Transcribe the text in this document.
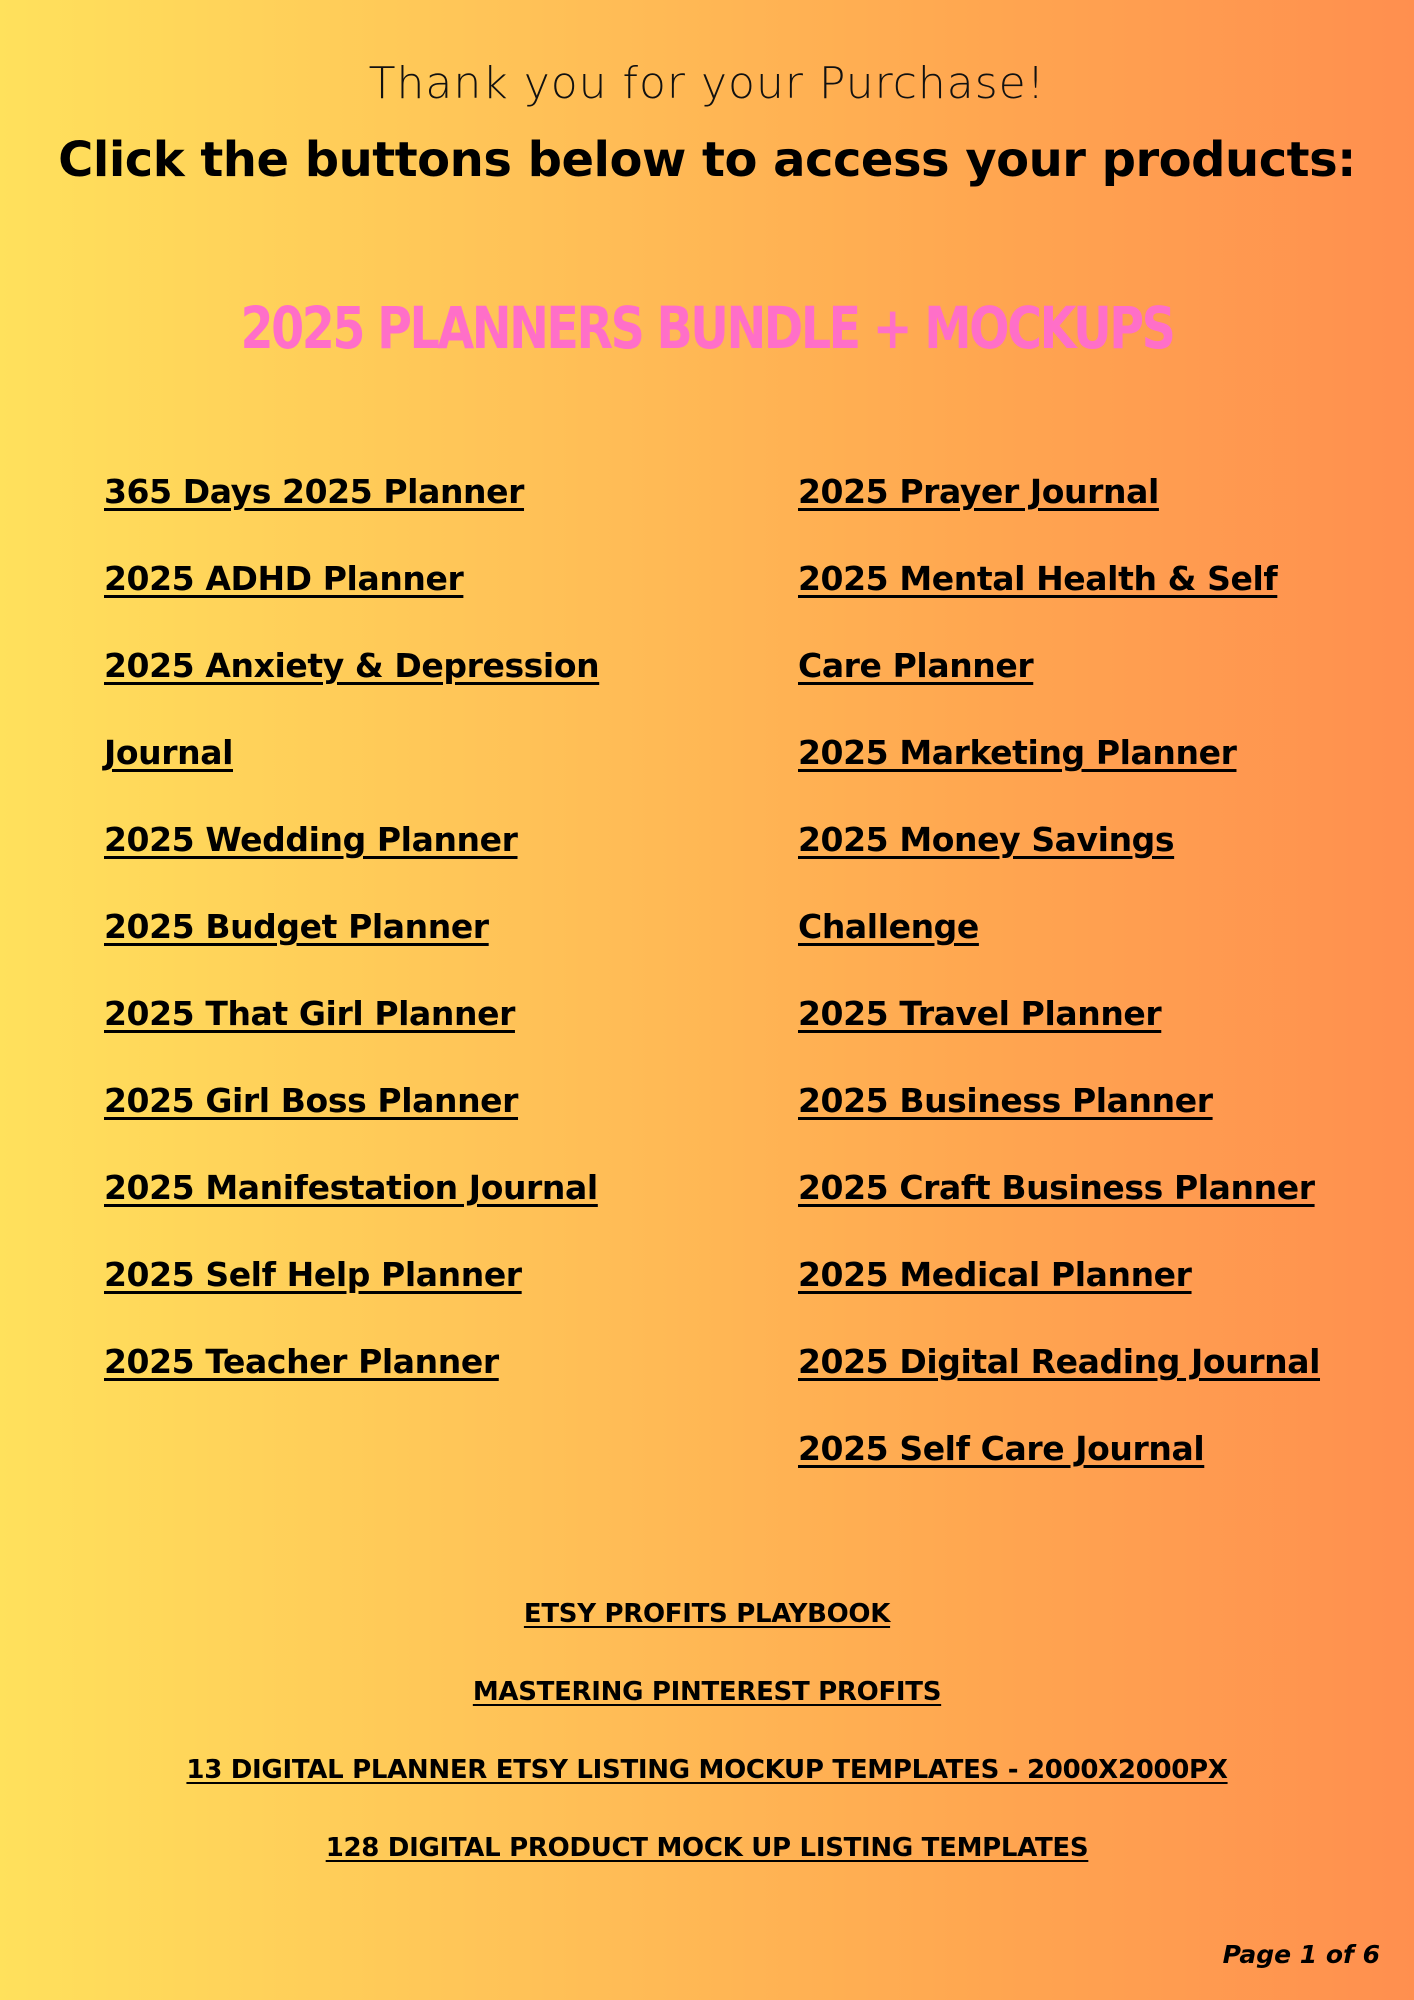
Thank you for your Purchase!
Click the buttons below to access your products:
2025 PLANNERS BUNDLE + MOCKUPS
365 Days 2025 Planner
2025 ADHD Planner
2025 Anxiety & Depression
Journal
2025 Wedding Planner
2025 Budget Planner
2025 That Girl Planner
2025 Girl Boss Planner
2025 Manifestation Journal
2025 Self Help Planner
2025 Teacher Planner
2025 Prayer Journal
2025 Mental Health & Self
Care Planner
2025 Marketing Planner
2025 Money Savings
Challenge
2025 Travel Planner
2025 Business Planner
2025 Craft Business Planner
2025 Medical Planner
2025 Digital Reading Journal
2025 Self Care Journal
ETSY PROFITS PLAYBOOK
MASTERING PINTEREST PROFITS
13 DIGITAL PLANNER ETSY LISTING MOCKUP TEMPLATES - 2000X2000PX
128 DIGITAL PRODUCT MOCK UP LISTING TEMPLATES
Page 1 of 6
